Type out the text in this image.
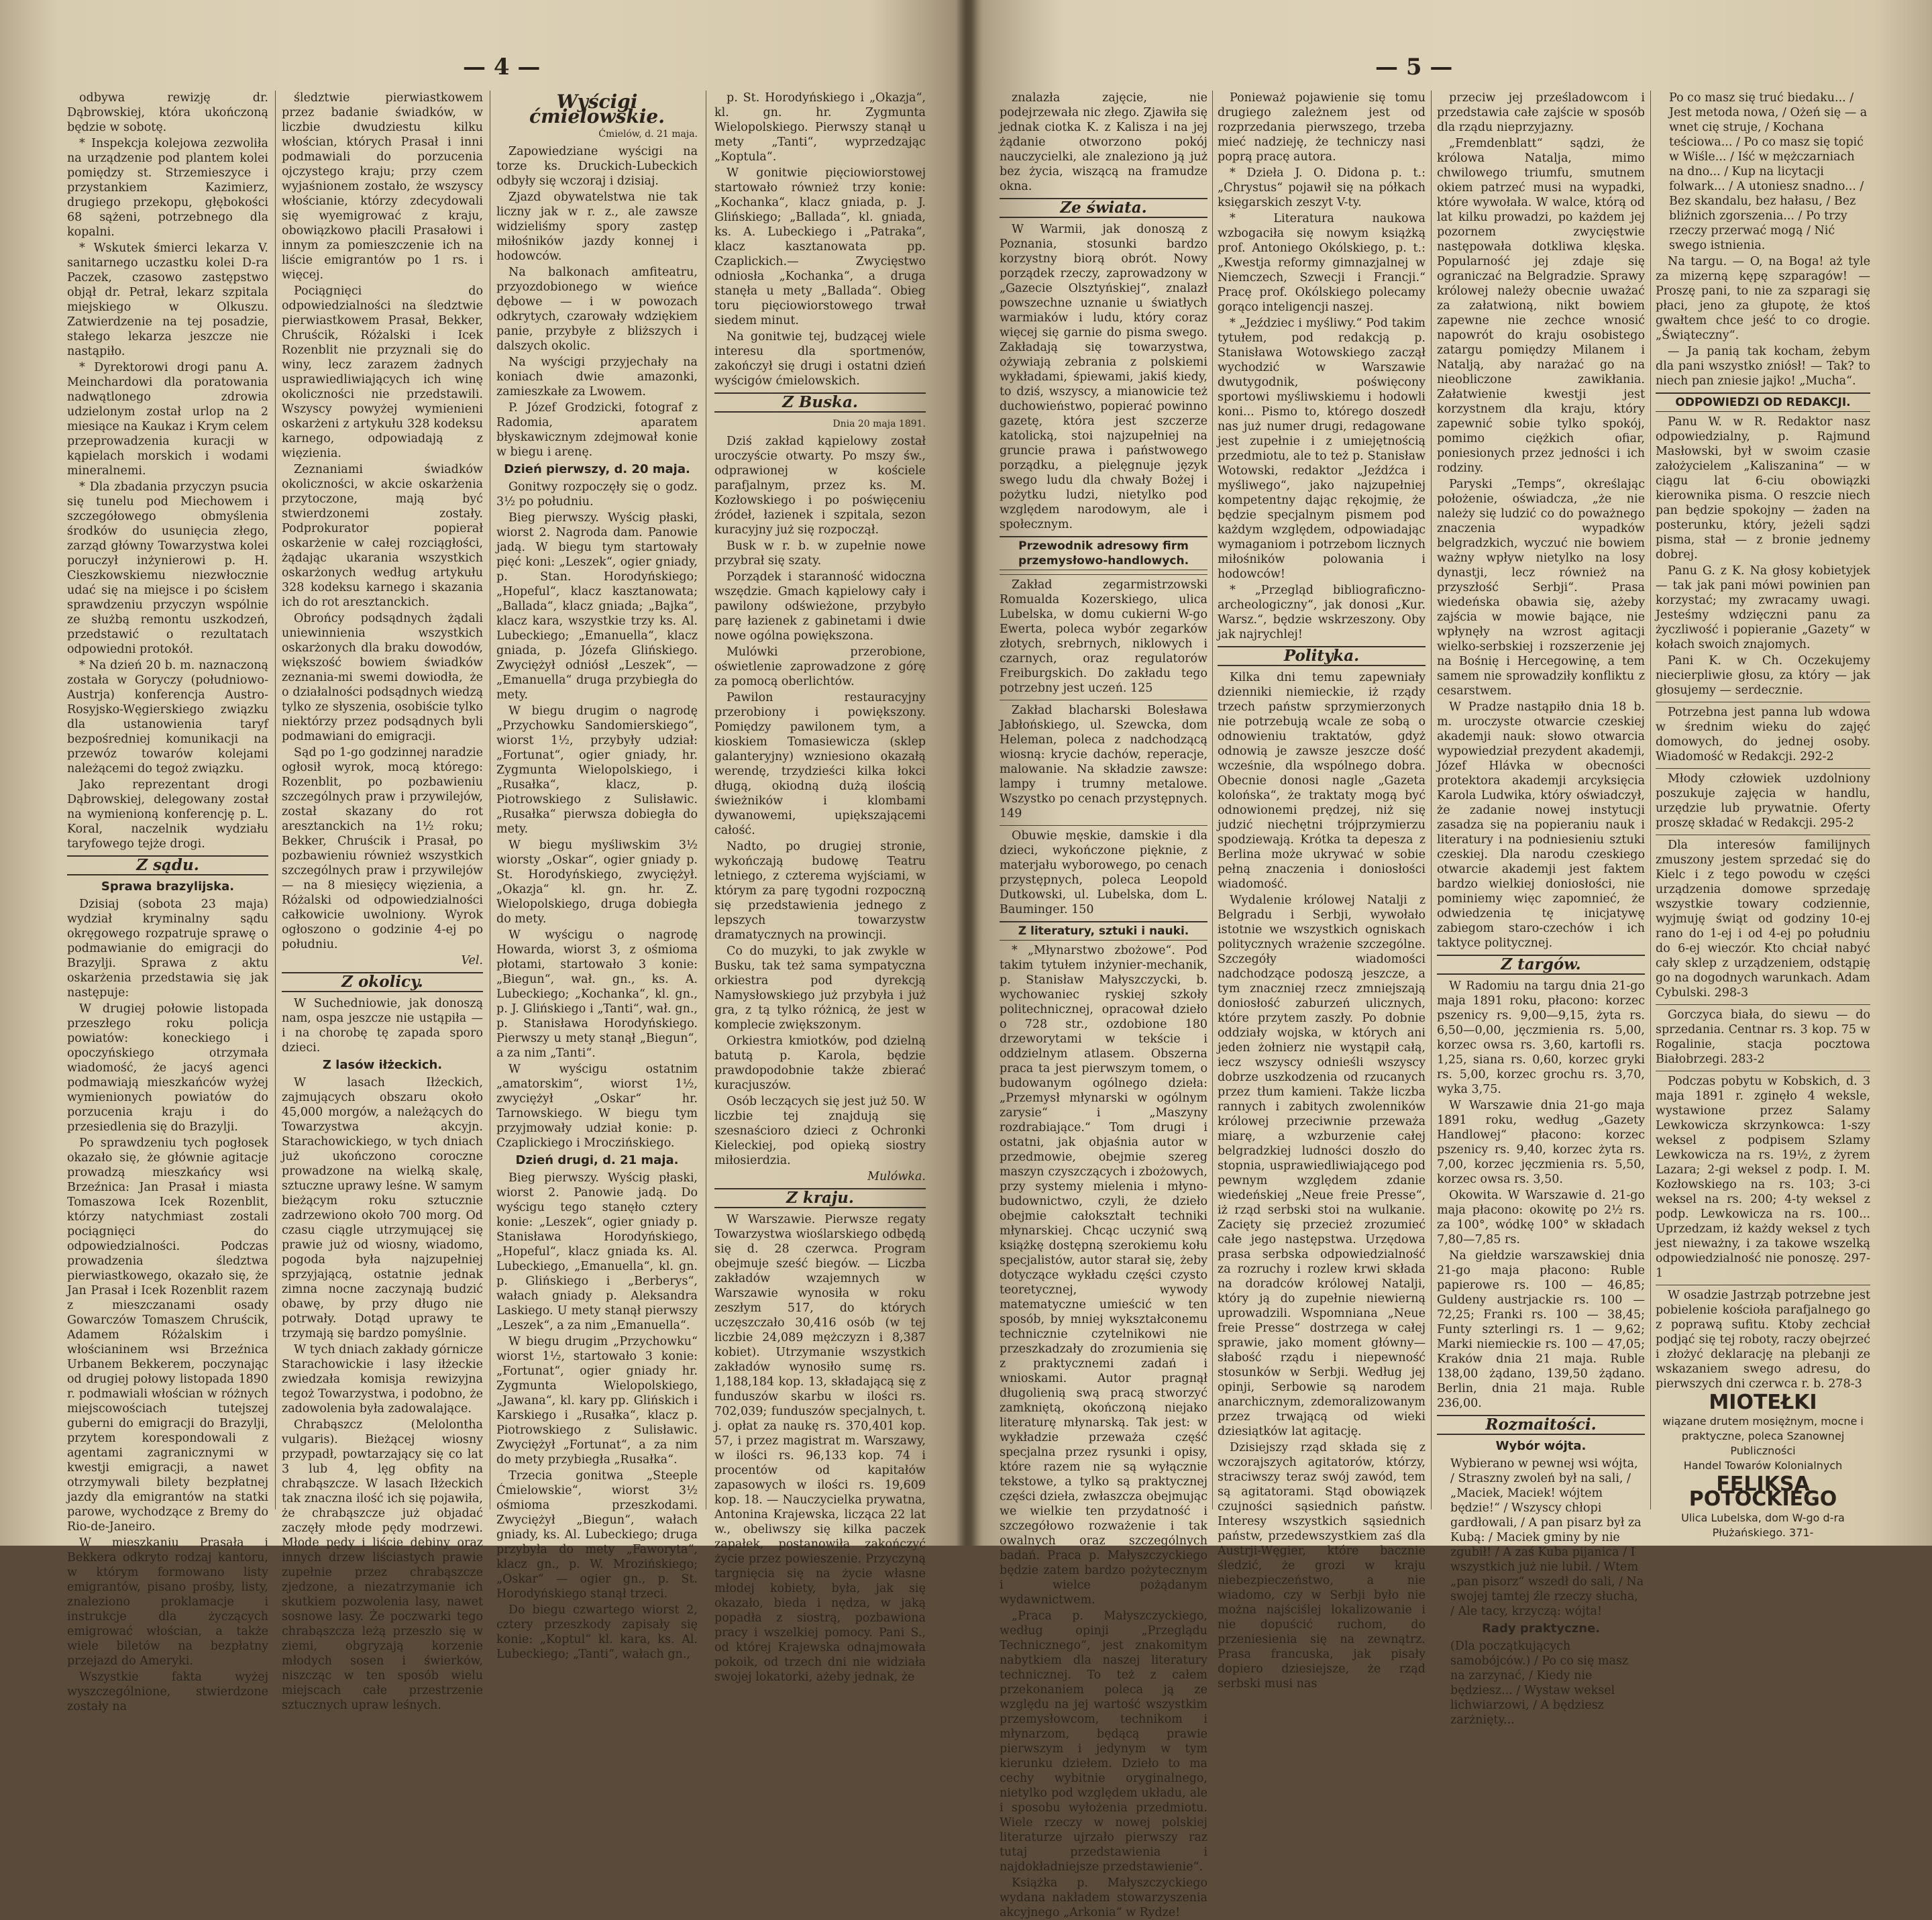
— 4 —

odbywa rewizję dr. Dąbrowskiej, która ukończoną będzie w sobotę.

* Inspekcja kolejowa zezwoliła na urządzenie pod plantem kolei pomiędzy st. Strzemieszyce i przystankiem Kazimierz, drugiego przekopu, głębokości 68 sążeni, potrzebnego dla kopalni.

* Wskutek śmierci lekarza V. sanitarnego uczastku kolei D-ra Paczek, czasowo zastępstwo objął dr. Petrał, lekarz szpitala miejskiego w Olkuszu. Zatwierdzenie na tej posadzie, stałego lekarza jeszcze nie nastąpiło.

* Dyrektorowi drogi panu A. Meinchardowi dla poratowania nadwątlonego zdrowia udzielonym został urlop na 2 miesiące na Kaukaz i Krym celem przeprowadzenia kuracji w kąpielach morskich i wodami mineralnemi.

* Dla zbadania przyczyn psucia się tunelu pod Miechowem i szczegółowego obmyślenia środków do usunięcia złego, zarząd główny Towarzystwa kolei poruczył inżynierowi p. H. Cieszkowskiemu niezwłocznie udać się na miejsce i po ścisłem sprawdzeniu przyczyn wspólnie ze służbą remontu uszkodzeń, przedstawić o rezultatach odpowiedni protokół.

* Na dzień 20 b. m. naznaczoną została w Goryczy (południowo-Austrja) konferencja Austro-Rosyjsko-Węgierskiego związku dla ustanowienia taryf bezpośredniej komunikacji na przewóz towarów kolejami należącemi do tegoż związku.

Jako reprezentant drogi Dąbrowskiej, delegowany został na wymienioną konferencję p. L. Koral, naczelnik wydziału taryfowego tejże drogi.

Z sądu.
Sprawa brazylijska.

Dzisiaj (sobota 23 maja) wydział kryminalny sądu okręgowego rozpatruje sprawę o podmawianie do emigracji do Brazylji. Sprawa z aktu oskarżenia przedstawia się jak następuje:

W drugiej połowie listopada przeszłego roku policja powiatów: koneckiego i opoczyńskiego otrzymała wiadomość, że jacyś agenci podmawiają mieszkańców wyżej wymienionych powiatów do porzucenia kraju i do przesiedlenia się do Brazylji.

Po sprawdzeniu tych pogłosek okazało się, że głównie agitacje prowadzą mieszkańcy wsi Brzeźnica: Jan Prasał i miasta Tomaszowa Icek Rozenblit, którzy natychmiast zostali pociągnięci do odpowiedzialności. Podczas prowadzenia śledztwa pierwiastkowego, okazało się, że Jan Prasał i Icek Rozenblit razem z mieszczanami osady Gowarczów Tomaszem Chruścik, Adamem Różalskim i włościaninem wsi Brzeźnica Urbanem Bekkerem, poczynając od drugiej połowy listopada 1890 r. podmawiali włościan w różnych miejscowościach tutejszej guberni do emigracji do Brazylji, przytem korespondowali z agentami zagranicznymi w kwestji emigracji, a nawet otrzymywali bilety bezpłatnej jazdy dla emigrantów na statki parowe, wychodzące z Bremy do Rio-de-Janeiro.

W mieszkaniu Prasała i Bekkera odkryto rodzaj kantoru, w którym formowano listy emigrantów, pisano prośby, listy, znaleziono proklamacje i instrukcje dla życzących emigrować włościan, a także wiele biletów na bezpłatny przejazd do Ameryki.

Wszystkie fakta wyżej wyszczególnione, stwierdzone zostały na

śledztwie pierwiastkowem przez badanie świadków, w liczbie dwudziestu kilku włościan, których Prasał i inni podmawiali do porzucenia ojczystego kraju; przy czem wyjaśnionem zostało, że wszyscy włościanie, którzy zdecydowali się wyemigrować z kraju, obowiązkowo płacili Prasałowi i innym za pomieszczenie ich na liście emigrantów po 1 rs. i więcej.

Pociągnięci do odpowiedzialności na śledztwie pierwiastkowem Prasał, Bekker, Chruścik, Różalski i Icek Rozenblit nie przyznali się do winy, lecz zarazem żadnych usprawiedliwiających ich winę okoliczności nie przedstawili. Wszyscy powyżej wymienieni oskarżeni z artykułu 328 kodeksu karnego, odpowiadają z więzienia.

Zeznaniami świadków okoliczności, w akcie oskarżenia przytoczone, mają być stwierdzonemi zostały. Podprokurator popierał oskarżenie w całej rozciągłości, żądając ukarania wszystkich oskarżonych według artykułu 328 kodeksu karnego i skazania ich do rot aresztanckich.

Obrońcy podsądnych żądali uniewinnienia wszystkich oskarżonych dla braku dowodów, większość bowiem świadków zeznania-mi swemi dowiodła, że o działalności podsądnych wiedzą tylko ze słyszenia, osobiście tylko niektórzy przez podsądnych byli podmawiani do emigracji.

Sąd po 1-go godzinnej naradzie ogłosił wyrok, mocą którego: Rozenblit, po pozbawieniu szczególnych praw i przywilejów, został skazany do rot aresztanckich na 1½ roku; Bekker, Chruścik i Prasał, po pozbawieniu również wszystkich szczególnych praw i przywilejów — na 8 miesięcy więzienia, a Różalski od odpowiedzialności całkowicie uwolniony. Wyrok ogłoszono o godzinie 4-ej po południu.

Vel.
Z okolicy.

W Suchedniowie, jak donoszą nam, ospa jeszcze nie ustąpiła — i na chorobę tę zapada sporo dzieci.

Z lasów iłżeckich.

W lasach Iłżeckich, zajmujących obszaru około 45,000 morgów, a należących do Towarzystwa akcyjn. Starachowickiego, w tych dniach już ukończono coroczne prowadzone na wielką skalę, sztuczne uprawy leśne. W samym bieżącym roku sztucznie zadrzewiono około 700 morg. Od czasu ciągle utrzymującej się prawie już od wiosny, wiadomo, pogoda była najzupełniej sprzyjającą, ostatnie jednak zimna nocne zaczynają budzić obawę, by przy długo nie potrwały. Dotąd uprawy te trzymają się bardzo pomyślnie.

W tych dniach zakłady górnicze Starachowickie i lasy iłżeckie zwiedzała komisja rewizyjna tegoż Towarzystwa, i podobno, że zadowolenia była zadowalające.

Chrabąszcz (Melolontha vulgaris). Bieżącej wiosny przypadł, powtarzający się co lat 3 lub 4, lęg obfity na chrabąszcze. W lasach Iłżeckich tak znaczna ilość ich się pojawiła, że chrabąszcze już objadać zaczęły młode pędy modrzewi. Młode pędy i liście dębiny oraz innych drzew liściastych prawie zupełnie przez chrabąszcze zjedzone, a niezatrzymanie ich skutkiem pozwolenia lasy, nawet sosnowe lasy. Że poczwarki tego chrabąszcza leżą przeszło się w ziemi, obgryzają korzenie młodych sosen i świerków, niszcząc w ten sposób wielu miejscach całe przestrzenie sztucznych upraw leśnych.

Wyścigi ćmielowskie.
Ćmielów, d. 21 maja.

Zapowiedziane wyścigi na torze ks. Druckich-Lubeckich odbyły się wczoraj i dzisiaj.

Zjazd obywatelstwa nie tak liczny jak w r. z., ale zawsze widzieliśmy spory zastęp miłośników jazdy konnej i hodowców.

Na balkonach amfiteatru, przyozdobionego w wieńce dębowe — i w powozach odkrytych, czarowały wdziękiem panie, przybyłe z bliższych i dalszych okolic.

Na wyścigi przyjechały na koniach dwie amazonki, zamieszkałe za Lwowem.

P. Józef Grodzicki, fotograf z Radomia, aparatem błyskawicznym zdejmował konie w biegu i arenę.

Dzień pierwszy, d. 20 maja.

Gonitwy rozpoczęły się o godz. 3½ po południu.

Bieg pierwszy. Wyścig płaski, wiorst 2. Nagroda dam. Panowie jadą. W biegu tym startowały pięć koni: „Leszek“, ogier gniady, p. Stan. Horodyńskiego; „Hopeful“, klacz kasztanowata; „Ballada“, klacz gniada; „Bajka“, klacz kara, wszystkie trzy ks. Al. Lubeckiego; „Emanuella“, klacz gniada, p. Józefa Glińskiego. Zwyciężył odniósł „Leszek“, — „Emanuella“ druga przybiegła do mety.

W biegu drugim o nagrodę „Przychowku Sandomierskiego“, wiorst 1½, przybyły udział: „Fortunat“, ogier gniady, hr. Zygmunta Wielopolskiego, i „Rusałka“, klacz, p. Piotrowskiego z Sulisławic. „Rusałka“ pierwsza dobiegła do mety.

W biegu myśliwskim 3½ wiorsty „Oskar“, ogier gniady p. St. Horodyńskiego, zwyciężył. „Okazja“ kl. gn. hr. Z. Wielopolskiego, druga dobiegła do mety.

W wyścigu o nagrodę Howarda, wiorst 3, z ośmioma płotami, startowało 3 konie: „Biegun“, wał. gn., ks. A. Lubeckiego; „Kochanka“, kl. gn., p. J. Glińskiego i „Tanti“, wał. gn., p. Stanisława Horodyńskiego. Pierwszy u mety stanął „Biegun“, a za nim „Tanti“.

W wyścigu ostatnim „amatorskim“, wiorst 1½, zwyciężył „Oskar“ hr. Tarnowskiego. W biegu tym przyjmowały udział konie: p. Czaplickiego i Mroczińskiego.

Dzień drugi, d. 21 maja.

Bieg pierwszy. Wyścig płaski, wiorst 2. Panowie jadą. Do wyścigu tego stanęło cztery konie: „Leszek“, ogier gniady p. Stanisława Horodyńskiego, „Hopeful“, klacz gniada ks. Al. Lubeckiego, „Emanuella“, kl. gn. p. Glińskiego i „Berberys“, wałach gniady p. Aleksandra Laskiego. U mety stanął pierwszy „Leszek“, a za nim „Emanuella“.

W biegu drugim „Przychowku“ wiorst 1½, startowało 3 konie: „Fortunat“, ogier gniady hr. Zygmunta Wielopolskiego, „Jawana“, kl. kary pp. Glińskich i Karskiego i „Rusałka“, klacz p. Piotrowskiego z Sulisławic. Zwyciężył „Fortunat“, a za nim do mety przybiegła „Rusałka“.

Trzecia gonitwa „Steeple Ćmielowskie“, wiorst 3½ ośmioma przeszkodami. Zwyciężył „Biegun“, wałach gniady, ks. Al. Lubeckiego; druga przybyła do mety „Faworyta“, klacz gn., p. W. Mrozińskiego; „Oskar“ — ogier gn., p. St. Horodyńskiego stanął trzeci.

Do biegu czwartego wiorst 2, cztery przeszkody zapisały się konie: „Koptul“ kl. kara, ks. Al. Lubeckiego; „Tanti“, wałach gn.,

p. St. Horodyńskiego i „Okazja“, kl. gn. hr. Zygmunta Wielopolskiego. Pierwszy stanął u mety „Tanti“, wyprzedzając „Koptula“.

W gonitwie pięciowiorstowej startowało również trzy konie: „Kochanka“, klacz gniada, p. J. Glińskiego; „Ballada“, kl. gniada, ks. A. Lubeckiego i „Patraka“, klacz kasztanowata pp. Czaplickich.— Zwycięstwo odniosła „Kochanka“, a druga stanęła u mety „Ballada“. Obieg toru pięciowiorstowego trwał siedem minut.

Na gonitwie tej, budzącej wiele interesu dla sportmenów, zakończył się drugi i ostatni dzień wyścigów ćmielowskich.

Z Buska.
Dnia 20 maja 1891.

Dziś zakład kąpielowy został uroczyście otwarty. Po mszy św., odprawionej w kościele parafjalnym, przez ks. M. Kozłowskiego i po poświęceniu źródeł, łazienek i szpitala, sezon kuracyjny już się rozpoczął.

Busk w r. b. w zupełnie nowe przybrał się szaty.

Porządek i staranność widoczna wszędzie. Gmach kąpielowy cały i pawilony odświeżone, przybyło parę łazienek z gabinetami i dwie nowe ogólna powiększona.

Mulówki przerobione, oświetlenie zaprowadzone z górę za pomocą oberlichtów.

Pawilon restauracyjny przerobiony i powiększony. Pomiędzy pawilonem tym, a kioskiem Tomasiewicza (sklep galanteryjny) wzniesiono okazałą werendę, trzydzieści kilka łokci długą, okiodną dużą ilością świeżników i klombami dywanowemi, upiększającemi całość.

Nadto, po drugiej stronie, wykończają budowę Teatru letniego, z czterema wyjściami, w którym za parę tygodni rozpoczną się przedstawienia jednego z lepszych towarzystw dramatycznych na prowincji.

Co do muzyki, to jak zwykle w Busku, tak też sama sympatyczna orkiestra pod dyrekcją Namysłowskiego już przybyła i już gra, z tą tylko różnicą, że jest w komplecie zwiększonym.

Orkiestra kmiotków, pod dzielną batutą p. Karola, będzie prawdopodobnie także zbierać kuracjuszów.

Osób leczących się jest już 50. W liczbie tej znajdują się szesnaściorо dzieci z Ochronki Kieleckiej, pod opieką siostry miłosierdzia.

Mulówka.
Z kraju.

W Warszawie. Pierwsze regaty Towarzystwa wioślarskiego odbędą się d. 28 czerwca. Program obejmuje sześć biegów. — Liczba zakładów wzajemnych w Warszawie wynosiła w roku zeszłym 517, do których uczęszczało 30,416 osób (w tej liczbie 24,089 mężczyzn i 8,387 kobiet). Utrzymanie wszystkich zakładów wynosiło sumę rs. 1,188,184 kop. 13, składającą się z funduszów skarbu w ilości rs. 702,039; funduszów specjalnych, t. j. opłat za naukę rs. 370,401 kop. 57, i przez magistrat m. Warszawy, w ilości rs. 96,133 kop. 74 i procentów od kapitałów zapasowych w ilości rs. 19,609 kop. 18. — Nauczycielka prywatna, Antonina Krajewska, licząca 22 lat w., obeliwszy się kilka paczek zapałek, postanowiła zakończyć życie przez powieszenie. Przyczyną targnięcia się na życie własne młodej kobiety, była, jak się okazało, bieda i nędza, w jaką popadła z siostrą, pozbawiona pracy i wszelkiej pomocy. Pani S., od której Krajewska odnajmowała pokoik, od trzech dni nie widziała swojej lokatorki, ażeby jednak, że

— 5 —

znalazła zajęcie, nie podejrzewała nic złego. Zjawiła się jednak ciotka K. z Kalisza i na jej żądanie otworzono pokój nauczycielki, ale znaleziono ją już bez życia, wiszącą na framudze okna.

Ze świata.

W Warmii, jak donoszą z Poznania, stosunki bardzo korzystny biorą obrót. Nowy porządek rzeczy, zaprowadzony w „Gazecie Olsztyńskiej“, znalazł powszechne uznanie u światłych warmiaków i ludu, który coraz więcej się garnie do pisma swego. Zakładają się towarzystwa, ożywiają zebrania z polskiemi wykładami, śpiewami, jakiś kiedy, to dziś, wszyscy, a mianowicie też duchowieństwo, popierać powinno gazetę, która jest szczerze katolicką, stoi najzupełniej na gruncie prawa i państwowego porządku, a pielęgnuje język swego ludu dla chwały Bożej i pożytku ludzi, nietylko pod względem narodowym, ale i społecznym.

Przewodnik adresowy firm przemysłowo-handlowych.

Zakład zegarmistrzowski Romualda Kozerskiego, ulica Lubelska, w domu cukierni W-go Ewerta, poleca wybór zegarków złotych, srebrnych, niklowych i czarnych, oraz regulatorów Freiburgskich. Do zakładu tego potrzebny jest uczeń. 125

Zakład blacharski Bolesława Jabłońskiego, ul. Szewcka, dom Heleman, poleca z nadchodzącą wiosną: krycie dachów, reperacje, malowanie. Na składzie zawsze: lampy i trumny metalowe. Wszystko po cenach przystępnych. 149

Obuwie męskie, damskie i dla dzieci, wykończone pięknie, z materjału wyborowego, po cenach przystępnych, poleca Leopold Dutkowski, ul. Lubelska, dom L. Bauminger. 150

Z literatury, sztuki i nauki.

* „Młynarstwo zbożowe“. Pod takim tytułem inżynier-mechanik, p. Stanisław Małyszczycki, b. wychowaniec ryskiej szkoły politechnicznej, opracował dzieło o 728 str., ozdobione 180 drzeworytami w tekście i oddzielnym atlasem. Obszerna praca ta jest pierwszym tomem, o budowanym ogólnego dzieła: „Przemysł młynarski w ogólnym zarysie“ i „Maszyny rozdrabiające.“ Tom drugi i ostatni, jak objaśnia autor w przedmowie, obejmie szereg maszyn czyszczących i zbożowych, przy systemy mielenia i młyno-budownictwo, czyli, że dzieło obejmie całokształt techniki młynarskiej. Chcąc uczynić swą książkę dostępną szerokiemu kołu specjalistów, autor starał się, żeby dotyczące wykładu części czysto teoretycznej, wywody matematyczne umieścić w ten sposób, by mniej wykształconemu technicznie czytelnikowi nie przeszkadzały do zrozumienia się z praktycznemi zadań i wnioskami. Autor pragnął długolienią swą pracą stworzyć zamkniętą, okończoną niejako literaturę młynarską. Tak jest: w wykładzie przeważa część specjalna przez rysunki i opisy, które razem nie są wyłącznie tekstowe, a tylko są praktycznej części dzieła, zwłaszcza obejmując we wielkie ten przydatność i szczegółowo rozważenie i tak owalnych oraz szczególnych badań. Praca p. Małyszczyckiego będzie zatem bardzo pożytecznym i wielce pożądanym wydawnictwem.

„Praca p. Małyszczyckiego, według opinji „Przeglądu Technicznego“, jest znakomitym nabytkiem dla naszej literatury technicznej. To też z całem przekonaniem poleca ją ze względu na jej wartość wszystkim przemysłowcom, technikom i młynarzom, będącą prawie pierwszym i jedynym w tym kierunku dziełem. Dzieło to ma cechy wybitnie oryginalnego, nietylko pod względem układu, ale i sposobu wyłożenia przedmiotu. Wiele rzeczy w nowej polskiej literaturze ujrzało pierwszy raz tutaj przedstawienia i najdokładniejsze przedstawienie“.

Książka p. Małyszczyckiego wydana nakładem stowarzyszenia akcyjnego „Arkonia“ w Rydze!

Ponieważ pojawienie się tomu drugiego zależnem jest od rozprzedania pierwszego, trzeba mieć nadzieję, że techniczy nasi poprą pracę autora.

* Dzieła J. O. Didona p. t.: „Chrystus“ pojawił się na półkach księgarskich zeszyt V-ty.

* Literatura naukowa wzbogaciła się nowym książką prof. Antoniego Okólskiego, p. t.: „Kwestja reformy gimnazjalnej w Niemczech, Szwecji i Francji.“ Pracę prof. Okólskiego polecamy gorąco inteligencji naszej.

* „Jeździec i myśliwy.“ Pod takim tytułem, pod redakcją p. Stanisława Wotowskiego zaczął wychodzić w Warszawie dwutygodnik, poświęcony sportowi myśliwskiemu i hodowli koni... Pismo to, którego doszedł nas już numer drugi, redagowane jest zupełnie i z umiejętnością przedmiotu, ale to też p. Stanisław Wotowski, redaktor „Jeźdźca i myśliwego“, jako najzupełniej kompetentny dając rękojmię, że będzie specjalnym pismem pod każdym względem, odpowiadając wymaganiom i potrzebom licznych miłośników polowania i hodowców!

* „Przegląd bibliograficzno-archeologiczny“, jak donosi „Kur. Warsz.“, będzie wskrzeszony. Oby jak najrychlej!

Polityka.

Kilka dni temu zapewniały dzienniki niemieckie, iż rządy trzech państw sprzymierzonych nie potrzebują wcale ze sobą o odnowieniu traktatów, gdyż odnowią je zawsze jeszcze dość wcześnie, dla wspólnego dobra. Obecnie donosi nagle „Gazeta kolońska“, że traktaty mogą być odnowionemi prędzej, niż się judzić niechętni trójprzymierzu spodziewają. Krótka ta depesza z Berlina może ukrywać w sobie pełną znaczenia i doniosłości wiadomość.

Wydalenie królowej Natalji z Belgradu i Serbji, wywołało istotnie we wszystkich ogniskach politycznych wrażenie szczególne. Szczegóły wiadomości nadchodzące podoszą jeszcze, a tym znaczniej rzecz zmniejszają doniosłość zaburzeń ulicznych, które przytem zaszły. Po dobnie oddziały wojska, w których ani jeden żołnierz nie wystąpił całą, iecz wszyscy odnieśli wszyscy dobrze uszkodzenia od rzucanych przez tłum kamieni. Także liczba rannych i zabitych zwolenników królowej przeciwnie przeważa miarę, a wzburzenie całej belgradzkiej ludności doszło do stopnia, usprawiedliwiającego pod pewnym względem zdanie wiedeńskiej „Neue freie Presse“, iż rząd serbski stoi na wulkanie. Zacięty się przecież zrozumieć całe jego następstwa. Urzędowa prasa serbska odpowiedzialność za rozruchy i rozlew krwi składa na doradców królowej Natalji, który ją do zupełnie niewierną uprowadzili. Wspomniana „Neue freie Presse“ dostrzega w całej sprawie, jako moment główny—słabość rządu i niepewność stosunków w Serbji. Według jej opinji, Serbowie są narodem anarchicznym, zdemoralizowanym przez trwającą od wieki dziesiątków lat agitację.

Dzisiejszy rząd składa się z wczorajszych agitatorów, którzy, straciwszy teraz swój zawód, tem są agitatorami. Stąd obowiązek czujności sąsiednich państw. Interesy wszystkich sąsiednich państw, przedewszystkiem zaś dla Austrji-Węgier, które bacznie śledzić, że grozi w kraju niebezpieczeństwo, a nie wiadomo, czy w Serbji było nie można najściślej lokalizowanie i nie dopuścić ruchom, do przeniesienia się na zewnątrz. Prasa francuska, jak pisały dopiero dziesiejsze, że rząd serbski musi nas

przeciw jej prześladowcom i przedstawia całe zajście w sposób dla rządu nieprzyjazny.

„Fremdenblatt“ sądzi, że królowa Natalja, mimo chwilowego triumfu, smutnem okiem patrzeć musi na wypadki, które wywołała. W walce, którą od lat kilku prowadzi, po każdem jej pozornem zwycięstwie następowała dotkliwa klęska. Popularność jej zdaje się ograniczać na Belgradzie. Sprawy królowej należy obecnie uważać za załatwioną, nikt bowiem zapewne nie zechce wnosić napowrót do kraju osobistego zatargu pomiędzy Milanem i Natalją, aby narażać go na nieobliczone zawikłania. Załatwienie kwestji jest korzystnem dla kraju, który zapewnić sobie tylko spokój, pomimo ciężkich ofiar, poniesionych przez jedności i ich rodziny.

Paryski „Temps“, określając położenie, oświadcza, „że nie należy się ludzić co do poważnego znaczenia wypadków belgradzkich, wyczuć nie bowiem ważny wpływ nietylko na losy dynastji, lecz również na przyszłość Serbji“. Prasa wiedeńska obawia się, ażeby zajścia w mowie bające, nie wpłynęły na wzrost agitacji wielko-serbskiej i rozszerzenie jej na Bośnię i Hercegowinę, a tem samem nie sprowadziły konfliktu z cesarstwem.

W Pradze nastąpiło dnia 18 b. m. uroczyste otwarcie czeskiej akademji nauk: słowo otwarcia wypowiedział prezydent akademji, Józef Hlávka w obecności protektora akademji arcyksięcia Karola Ludwika, który oświadczył, że zadanie nowej instytucji zasadza się na popieraniu nauk i literatury i na podniesieniu sztuki czeskiej. Dla narodu czeskiego otwarcie akademji jest faktem bardzo wielkiej doniosłości, nie pominiemy więc zapomnieć, że odwiedzenia tę inicjatywę zabiegom staro-czechów i ich taktyce politycznej.

Z targów.

W Radomiu na targu dnia 21-go maja 1891 roku, płacono: korzec pszenicy rs. 9,00—9,15, żyta rs. 6,50—0,00, jęczmienia rs. 5,00, korzec owsa rs. 3,60, kartofli rs. 1,25, siana rs. 0,60, korzec gryki rs. 5,00, korzec grochu rs. 3,70, wyka 3,75.

W Warszawie dnia 21-go maja 1891 roku, według „Gazety Handlowej“ płacono: korzec pszenicy rs. 9,40, korzec żyta rs. 7,00, korzec jęczmienia rs. 5,50, korzec owsa rs. 3,50.

Okowita. W Warszawie d. 21-go maja płacono: okowitę po 2½ rs. za 100°, wódkę 100° w składach 7,80—7,85 rs.

Na giełdzie warszawskiej dnia 21-go maja płacono: Ruble papierowe rs. 100 — 46,85; Guldeny austrjackie rs. 100 — 72,25; Franki rs. 100 — 38,45; Funty szterlingi rs. 1 — 9,62; Marki niemieckie rs. 100 — 47,05; Kraków dnia 21 maja. Ruble 138,00 żądano, 139,50 żądano. Berlin, dnia 21 maja. Ruble 236,00.

Rozmaitości.
Wybór wójta.

Wybierano w pewnej wsi wójta, / Straszny zwoleń był na sali, / „Maciek, Maciek! wójtem będzie!“ / Wszyscy chłopi gardłowali, / A pan pisarz był za Kubą: / Maciek gminy by nie zgubił! / A zaś Kuba pijanica / I wszystkich już nie lubił. / Wtem „pan pisorz“ wszedł do sali, / Na swojej tamtej źle rzeczy słucha, / Ale tacy, krzyczą: wójta!

Rady praktyczne.

(Dla początkujących samobójców.) / Po co się masz na zarzynać, / Kiedy nie będziesz... / Wystaw weksel lichwiarzowi, / A będziesz zarżnięty...

Po co masz się truć biedaku... / Jest metoda nowa, / Ożeń się — a wnet cię struje, / Kochana teściowa... / Po co masz się topić w Wiśle... / Iść w mężczarniach na dno... / Kup na licytacji folwark... / A utoniesz snadno... / Bez skandalu, bez hałasu, / Bez bliźnich zgorszenia... / Po trzy rzeczy przerwać mogą / Nić swego istnienia.

Na targu. — O, na Boga! aż tyle za mizerną kępę szparagów! — Proszę pani, to nie za szparagi się płaci, jeno za głupotę, że ktoś gwałtem chce jeść to co drogie. „Świąteczny“.

— Ja panią tak kocham, żebym dla pani wszystko zniósł! — Tak? to niech pan zniesie jajko! „Mucha“.

ODPOWIEDZI OD REDAKCJI.

Panu W. w R. Redaktor nasz odpowiedzialny, p. Rajmund Masłowski, był w swoim czasie założycielem „Kaliszanina“ — w ciągu lat 6-ciu obowiązki kierownika pisma. O reszcie niech pan będzie spokojny — żaden na posterunku, który, jeżeli sądzi pisma, stał — z bronie jednemy dobrej.

Panu G. z K. Na głosy kobietyjek — tak jak pani mówi powinien pan korzystać; my zwracamy uwagi. Jesteśmy wdzięczni panu za życzliwość i popieranie „Gazety“ w kołach swoich znajomych.

Pani K. w Ch. Oczekujemy niecierpliwie głosu, za który — jak głosujemy — serdecznie.

Potrzebna jest panna lub wdowa w średnim wieku do zajęć domowych, do jednej osoby. Wiadomość w Redakcji. 292-2

Młody człowiek uzdolniony poszukuje zajęcia w handlu, urzędzie lub prywatnie. Oferty proszę składać w Redakcji. 295-2

Dla interesów familijnych zmuszony jestem sprzedać się do Kielc i z tego powodu w części urządzenia domowe sprzedaję wszystkie towary codziennie, wyjmuję świąt od godziny 10-ej rano do 1-ej i od 4-ej po południu do 6-ej wieczór. Kto chciał nabyć cały sklep z urządzeniem, odstąpię go na dogodnych warunkach. Adam Cybulski. 298-3

Gorczyca biała, do siewu — do sprzedania. Centnar rs. 3 kop. 75 w Rogalinie, stacja pocztowa Białobrzegi. 283-2

Podczas pobytu w Kobskich, d. 3 maja 1891 r. zginęło 4 weksle, wystawione przez Salamy Lewkowicza skrzynkowca: 1-szy weksel z podpisem Szlamy Lewkowicza na rs. 19½, z żyrem Lazara; 2-gi weksel z podp. I. M. Kozłowskiego na rs. 103; 3-ci weksel na rs. 200; 4-ty weksel z podp. Lewkowicza na rs. 100... Uprzedzam, iż każdy weksel z tych jest nieważny, i za takowe wszelką odpowiedzialność nie ponoszę. 297-1

W osadzie Jastrząb potrzebne jest pobielenie kościoła parafjalnego go z poprawą sufitu. Ktoby zechciał podjąć się tej roboty, raczy obejrzeć i złożyć deklarację na plebanji ze wskazaniem swego adresu, do pierwszych dni czerwca r. b. 278-3

MIOTEŁKI
wiązane drutem mosiężnym, mocne i praktyczne, poleca Szanownej Publiczności
Handel Towarów Kolonialnych
FELIKSA POTOCKIEGO
Ulica Lubelska, dom W-go d-ra Płużańskiego. 371-
